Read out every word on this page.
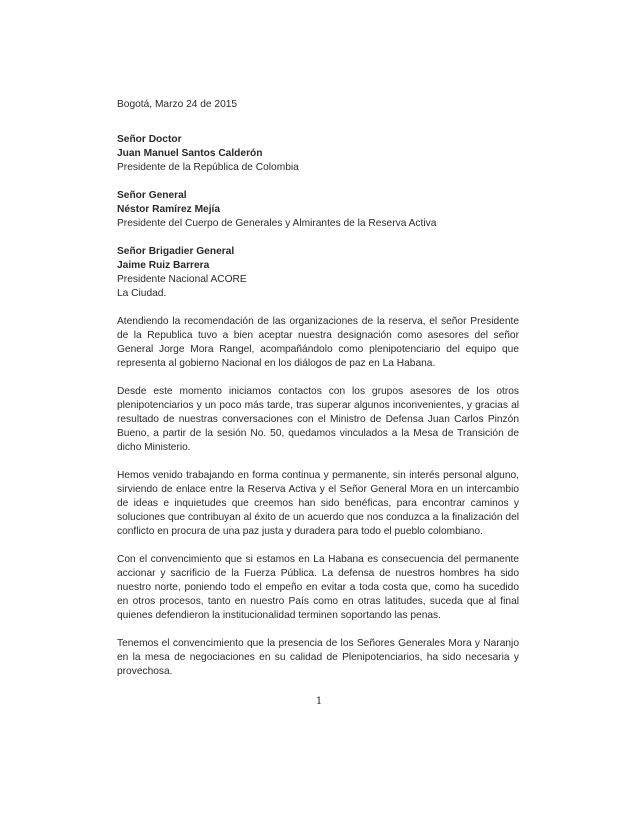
Bogotá, Marzo 24 de 2015

Señor Doctor

Juan Manuel Santos Calderón

Presidente de la República de Colombia

Señor General

Néstor Ramírez Mejía

Presidente del Cuerpo de Generales y Almirantes de la Reserva Activa

Señor Brigadier General

Jaime Ruiz Barrera

Presidente Nacional ACORE

La Ciudad.

Atendiendo la recomendación de las organizaciones de la reserva, el señor Presidente de la Republica tuvo a bien aceptar nuestra designación como asesores del señor General Jorge Mora Rangel, acompañándolo como plenipotenciario del equipo que representa al gobierno Nacional en los diálogos de paz en La Habana.

Desde este momento iniciamos contactos con los grupos asesores de los otros plenipotenciarios y un poco más tarde, tras superar algunos inconvenientes, y gracias al resultado de nuestras conversaciones con el Ministro de Defensa Juan Carlos Pinzón Bueno, a partir de la sesión No. 50, quedamos vinculados a la Mesa de Transición de dicho Ministerio.

Hemos venido trabajando en forma continua y permanente, sin interés personal alguno, sirviendo de enlace entre la Reserva Activa y el Señor General Mora en un intercambio de ideas e inquietudes que creemos han sido benéficas, para encontrar caminos y soluciones que contribuyan al éxito de un acuerdo que nos conduzca a la finalización del conflicto en procura de una paz justa y duradera para todo el pueblo colombiano.

Con el convencimiento que si estamos en La Habana es consecuencia del permanente accionar y sacrificio de la Fuerza Pública. La defensa de nuestros hombres ha sido nuestro norte, poniendo todo el empeño en evitar a toda costa que, como ha sucedido en otros procesos, tanto en nuestro País como en otras latitudes, suceda que al final quienes defendieron la institucionalidad terminen soportando las penas.

Tenemos el convencimiento que la presencia de los Señores Generales Mora y Naranjo en la mesa de negociaciones en su calidad de Plenipotenciarios, ha sido necesaria y provechosa.

1
